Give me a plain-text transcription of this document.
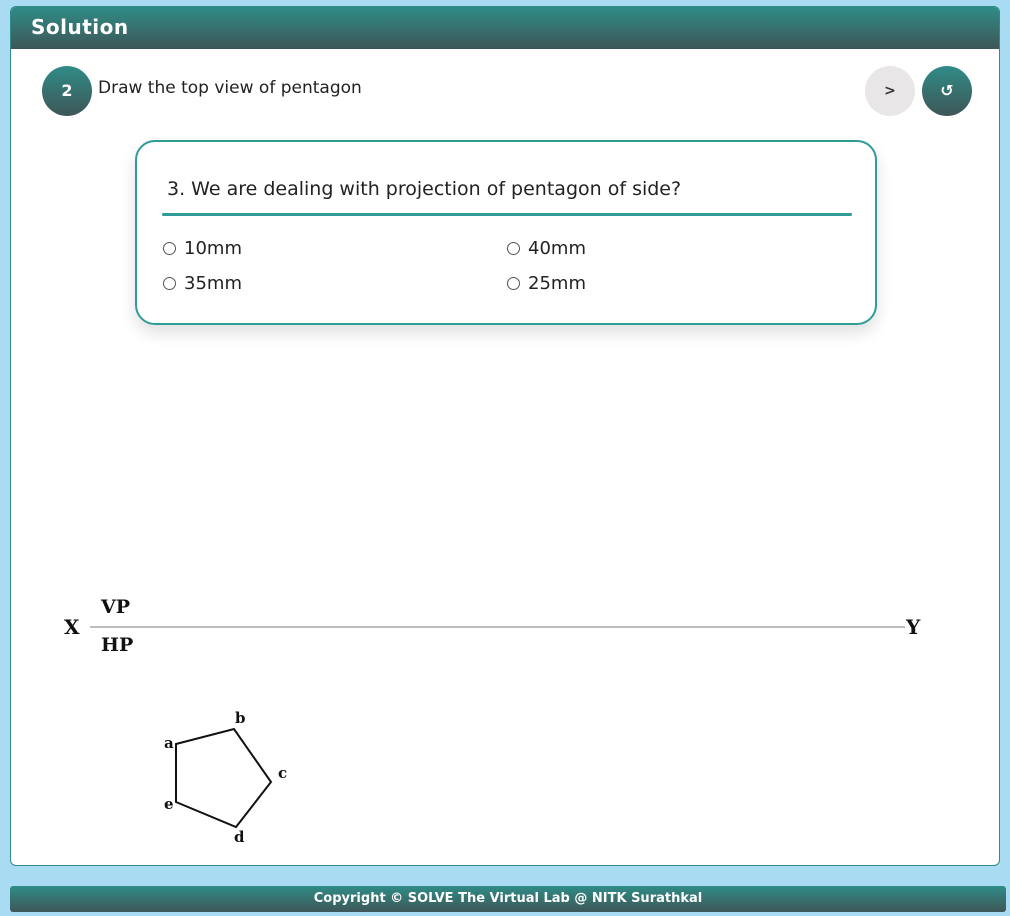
Solution
2	Draw the top view of pentagon	>	↺
3. We are dealing with projection of pentagon of side?
10mm	40mm
35mm	25mm
X	Y
VP
HP
a
b
c
d
e
Copyright © SOLVE The Virtual Lab @ NITK Surathkal
